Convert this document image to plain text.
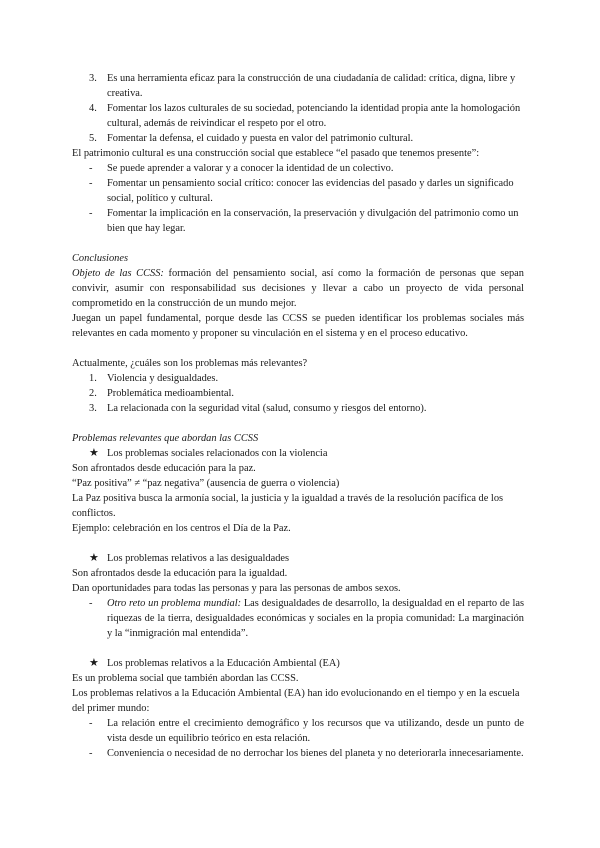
3. Es una herramienta eficaz para la construcción de una ciudadanía de calidad: crítica, digna, libre y creativa.
4. Fomentar los lazos culturales de su sociedad, potenciando la identidad propia ante la homologación cultural, además de reivindicar el respeto por el otro.
5. Fomentar la defensa, el cuidado y puesta en valor del patrimonio cultural.

El patrimonio cultural es una construcción social que establece “el pasado que tenemos presente”:

- Se puede aprender a valorar y a conocer la identidad de un colectivo.
- Fomentar un pensamiento social crítico: conocer las evidencias del pasado y darles un significado social, político y cultural.
- Fomentar la implicación en la conservación, la preservación y divulgación del patrimonio como un bien que hay legar.

Conclusiones

Objeto de las CCSS: formación del pensamiento social, así como la formación de personas que sepan convivir, asumir con responsabilidad sus decisiones y llevar a cabo un proyecto de vida personal comprometido en la construcción de un mundo mejor.

Juegan un papel fundamental, porque desde las CCSS se pueden identificar los problemas sociales más relevantes en cada momento y proponer su vinculación en el sistema y en el proceso educativo.

Actualmente, ¿cuáles son los problemas más relevantes?

1. Violencia y desigualdades.
2. Problemática medioambiental.
3. La relacionada con la seguridad vital (salud, consumo y riesgos del entorno).

Problemas relevantes que abordan las CCSS

★ Los problemas sociales relacionados con la violencia

Son afrontados desde educación para la paz.

“Paz positiva” ≠ “paz negativa” (ausencia de guerra o violencia)

La Paz positiva busca la armonía social, la justicia y la igualdad a través de la resolución pacífica de los conflictos.

Ejemplo: celebración en los centros el Día de la Paz.

★ Los problemas relativos a las desigualdades

Son afrontados desde la educación para la igualdad.

Dan oportunidades para todas las personas y para las personas de ambos sexos.

- Otro reto un problema mundial: Las desigualdades de desarrollo, la desigualdad en el reparto de las riquezas de la tierra, desigualdades económicas y sociales en la propia comunidad: La marginación y la “inmigración mal entendida”.
★ Los problemas relativos a la Educación Ambiental (EA)

Es un problema social que también abordan las CCSS.

Los problemas relativos a la Educación Ambiental (EA) han ido evolucionando en el tiempo y en la escuela del primer mundo:

- La relación entre el crecimiento demográfico y los recursos que va utilizando, desde un punto de vista desde un equilibrio teórico en esta relación.
- Conveniencia o necesidad de no derrochar los bienes del planeta y no deteriorarla innecesariamente.
